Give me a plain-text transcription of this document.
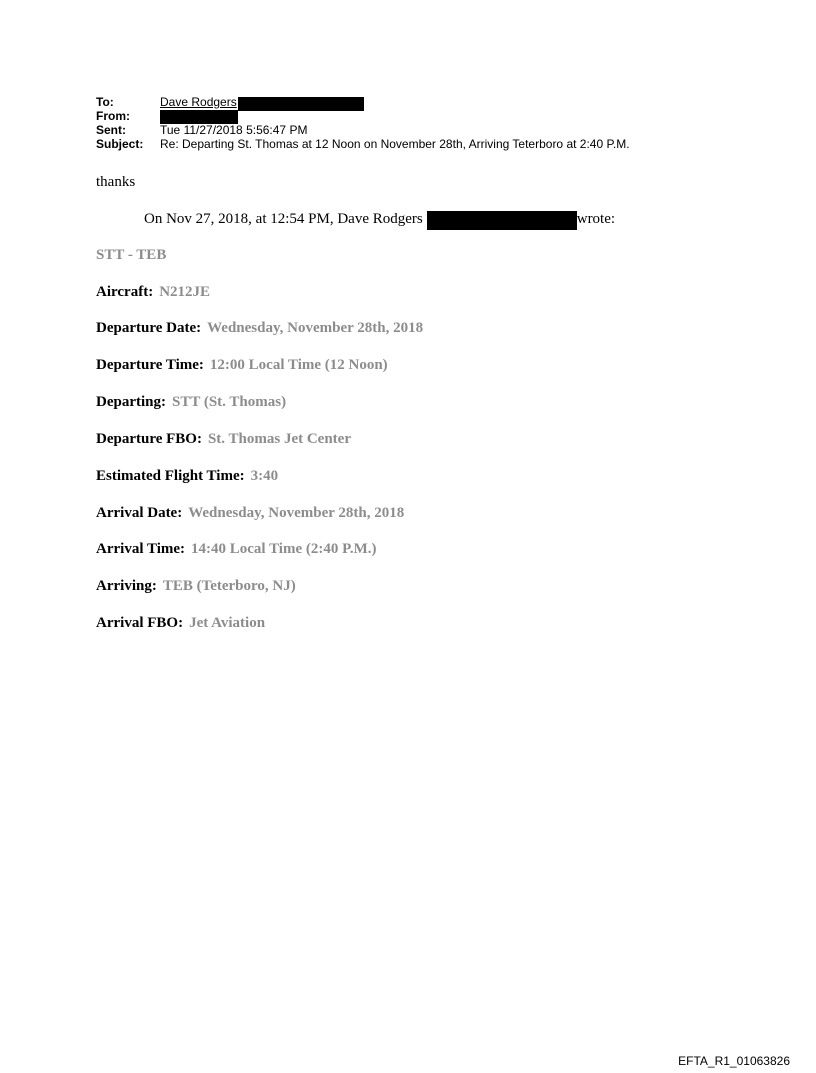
To:	Dave Rodgers
From:
Sent:	Tue 11/27/2018 5:56:47 PM
Subject:	Re: Departing St. Thomas at 12 Noon on November 28th, Arriving Teterboro at 2:40 P.M.
thanks
On Nov 27, 2018, at 12:54 PM, Dave Rodgers	wrote:
STT - TEB
Aircraft: N212JE
Departure Date: Wednesday, November 28th, 2018
Departure Time: 12:00 Local Time (12 Noon)
Departing: STT (St. Thomas)
Departure FBO: St. Thomas Jet Center
Estimated Flight Time: 3:40
Arrival Date: Wednesday, November 28th, 2018
Arrival Time: 14:40 Local Time (2:40 P.M.)
Arriving: TEB (Teterboro, NJ)
Arrival FBO: Jet Aviation
EFTA_R1_01063826
